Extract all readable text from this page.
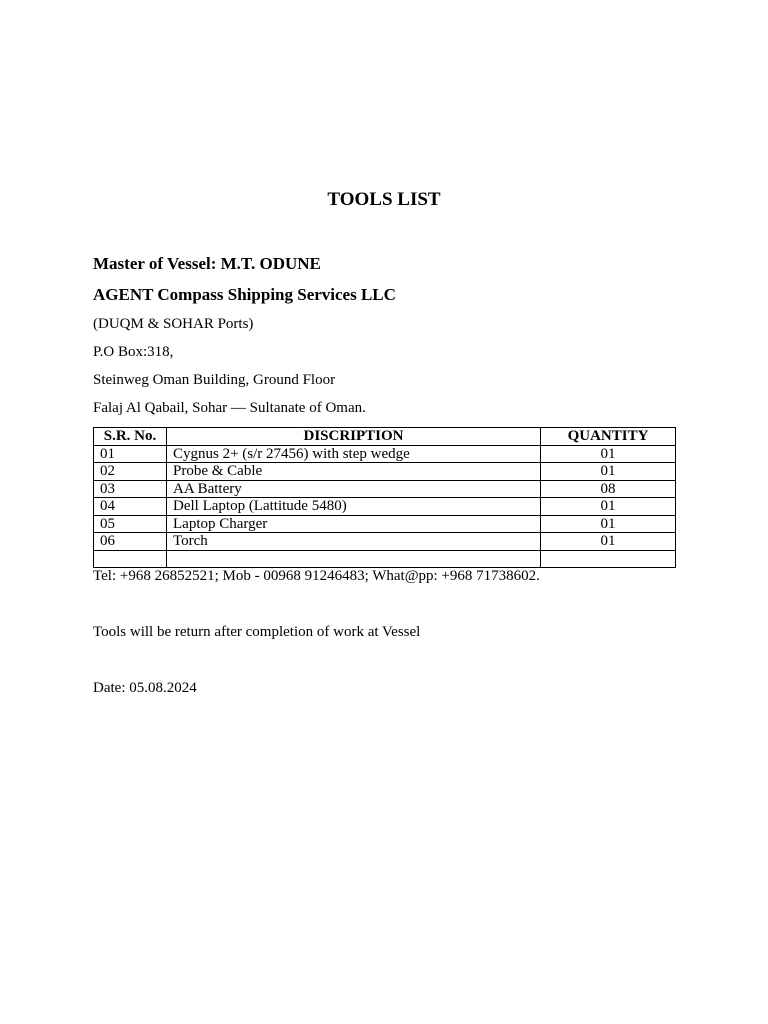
TOOLS LIST
Master of Vessel: M.T. ODUNE
AGENT Compass Shipping Services LLC
(DUQM & SOHAR Ports)
P.O Box:318,
Steinweg Oman Building, Ground Floor
Falaj Al Qabail, Sohar — Sultanate of Oman.
S.R. No.	DISCRIPTION	QUANTITY
01	Cygnus 2+ (s/r 27456) with step wedge	01
02	Probe & Cable	01
03	AA Battery	08
04	Dell Laptop (Lattitude 5480)	01
05	Laptop Charger	01
06	Torch	01

Tel: +968 26852521; Mob - 00968 91246483; What@pp: +968 71738602.
Tools will be return after completion of work at Vessel
Date: 05.08.2024
